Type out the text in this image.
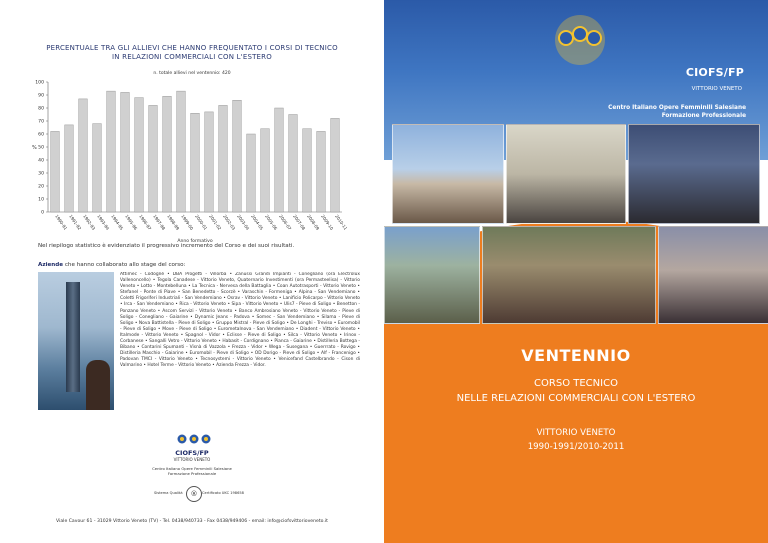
PERCENTUALE TRA GLI ALLIEVI CHE HANNO FREQUENTATO I CORSI DI TECNICO
IN RELAZIONI COMMERCIALI CON L'ESTERO
n. totale allievi nel ventennio: 420
0
10
20
30
40
50
60
70
80
90
100
%
1990-91 1991-92 1992-93 1993-94 1994-95 1995-96 1996-97 1997-98 1998-99 1999-00 2000-01 2001-02 2002-03 2003-04 2004-05 2005-06 2006-07 2007-08 2008-09 2009-10 2010-11
Anno formativo
Nel riepilogo statistico è evidenziato il progressivo incremento del Corso e dei suoi risultati.
Aziende che hanno collaborato allo stage del corso:
Attimec - Codognè • DBA Progetti - Villorba • Zanussi Grandi Impianti - Conegliano (ora Electrolux Vallenoncello) • Tegola Canadese - Vittorio Veneto, Quaternario Investimenti (ora Permasteelisa) - Vittorio Veneto • Lotto - Montebelluna • La Tecnica - Nervesa della Battaglia • Coan Autotrasporti - Vittorio Veneto • Stefanel - Ponte di Piave • San Benedetto - Scorzè • Varaschin - Formeniga • Alpina - San Vendemiano • Coletti Frigoriferi Industriali - San Vendemiano • Osrav - Vittorio Veneto • Lanificio Policarpo - Vittorio Veneto • Irca - San Vendemiano • Rica - Vittorio Veneto • Sipa - Vittorio Veneto • Ulis7 - Pieve di Soligo • Benetton - Ponzano Veneto • Ascom Servizi - Vittorio Veneto • Banco Ambrosiano Veneto - Vittorio Veneto - Pieve di Soligo - Conegliano - Gaiarine • Dynamic Jeans - Padova • Somec - San Vendemiano • Silama - Pieve di Soligo • Nova Battistella - Pieve di Soligo • Gruppo Mistral - Pieve di Soligo • De Longhi - Treviso • Euromobil - Pieve di Soligo • Move - Pieve di Soligo • Eurometalnova - San Vendemiano • Diadent - Vittorio Veneto • Italmode - Vittorio Veneto • Spagnol - Vidor • Eclisse - Pieve di Soligo • Silca - Vittorio Veneto • Irinox - Corbanese • Sangalli Vetro - Vittorio Veneto • Habasit - Cordignano • Pianca - Gaiarine • Distilleria Bottega - Bibano • Contarini Spumanti - Visnà di Vazzola • Frezza - Vidor • Wega - Susegana • Guerrrato - Rovigo • Distilleria Maschio - Gaiarine • Euromobil - Pieve di Soligo • OD Dorigo - Pieve di Soligo • Alf - Francenigo • Padovan TMCI - Vittorio Veneto • Tecnosystemi - Vittorio Veneto • Venicefand Castelbrando - Cison di Valmarino • Hotel Terme - Vittorio Veneto • Azienda Frezza - Vidor.
CIOFS/FP
VITTORIO VENETO
Centro Italiano Opere Femminili Salesiane
Formazione Professionale
Sistema Qualità	®	Certificato UKC 198658
Viale Cavour 61 - 31029 Vittorio Veneto (TV) - Tel. 0438/940733 - Fax 0438/949406 - email: info@ciofsvittorioveneto.it
CIOFS/FP
VITTORIO VENETO
Centro Italiano Opere Femminili Salesiane
Formazione Professionale
VENTENNIO
CORSO TECNICO
NELLE RELAZIONI COMMERCIALI CON L'ESTERO
VITTORIO VENETO
1990-1991/2010-2011
